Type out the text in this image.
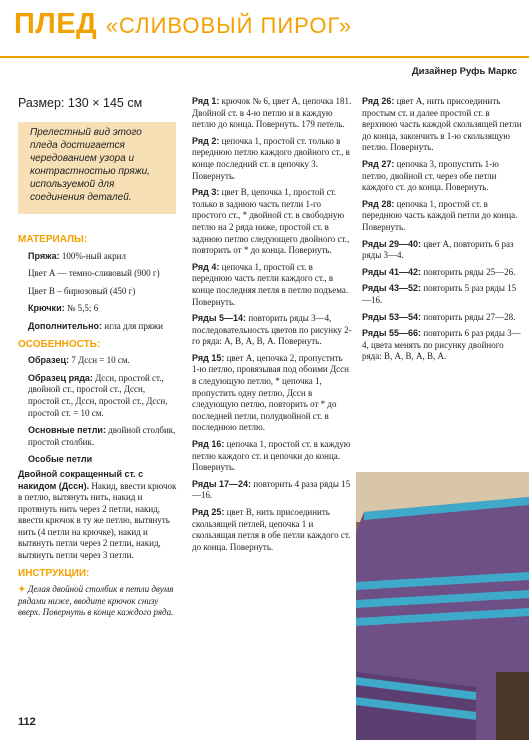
ПЛЕД «СЛИВОВЫЙ ПИРОГ»
Дизайнер Руфь Маркс
Размер: 130 × 145 см
Прелестный вид этого пледа достигается чередованием узора и контрастностью пряжи, используемой для соединения деталей.
МАТЕРИАЛЫ:

Пряжа: 100%-ный акрил

Цвет А — темно-сливовый (900 г)

Цвет В – бирюзовый (450 г)

Крючки: № 5,5; 6

Дополнительно: игла для пряжи

ОСОБЕННОСТЬ:

Образец: 7 Дссн = 10 см.

Образец ряда: Дссн, простой ст., двойной ст., простой ст., Дссн, простой ст., Дссн, простой ст., Дссн, простой ст. = 10 см.

Основные петли: двойной столбик, простой столбик.

Особые петли

Двойной сокращенный ст. с накидом (Дссн). Накид, ввести крючок в петлю, вытянуть нить, накид и протянуть нить через 2 петли, накид, ввести крючок в ту же петлю, вытянуть нить (4 петли на крючке), накид и вытянуть петли через 2 петли, накид, вытянуть петли через 3 петли.

ИНСТРУКЦИИ:

✦ Делая двойной столбик в петли двумя рядами ниже, вводите крючок снизу вверх. Повернуть в конце каждого ряда.

Ряд 1: крючок № 6, цвет А, цепочка 181. Двойной ст. в 4-ю петлю и в каждую петлю до конца. Повернуть. 179 петель.

Ряд 2: цепочка 1, простой ст. только в переднюю петлю каждого двойного ст., в конце последний ст. в цепочку 3. Повернуть.

Ряд 3: цвет В, цепочка 1, простой ст. только в заднюю часть петли 1-го простого ст., * двойной ст. в свободную петлю на 2 ряда ниже, простой ст. в заднюю петлю следующего двойного ст., повторить от * до конца. Повернуть.

Ряд 4: цепочка 1, простой ст. в переднюю часть петли каждого ст., в конце последняя петля в петлю подъема. Повернуть.

Ряды 5—14: повторить ряды 3—4, последовательность цветов по рисунку 2-го ряда: А, В, А, В, А. Повернуть.

Ряд 15: цвет А, цепочка 2, пропустить 1-ю петлю, провязывая под обоими Дссн в следующую петлю, * цепочка 1, пропустить одну петлю, Дссн в следующую петлю, повторить от * до последней петли, полудвойной ст. в последнюю петлю.

Ряд 16: цепочка 1, простой ст. в каждую петлю каждого ст. и цепочки до конца. Повернуть.

Ряды 17—24: повторить 4 раза ряды 15—16.

Ряд 25: цвет В, нить присоединить скользящей петлей, цепочка 1 и скользящая петля в обе петли каждого ст. до конца. Повернуть.

Ряд 26: цвет А, нить присоединить простым ст. и далее простой ст. в верхнюю часть каждой скользящей петли до конца, закончить в 1-ю скользящую петлю. Повернуть.

Ряд 27: цепочка 3, пропустить 1-ю петлю, двойной ст. через обе петли каждого ст. до конца. Повернуть.

Ряд 28: цепочка 1, простой ст. в переднюю часть каждой петли до конца. Повернуть.

Ряды 29—40: цвет А, повторить 6 раз ряды 3—4.

Ряды 41—42: повторить ряды 25—26.

Ряды 43—52: повторить 5 раз ряды 15—16.

Ряды 53—54: повторить ряды 27—28.

Ряды 55—66: повторить 6 раз ряды 3—4, цвета менять по рисунку двойного ряда: В, А, В, А, В, А.

112
